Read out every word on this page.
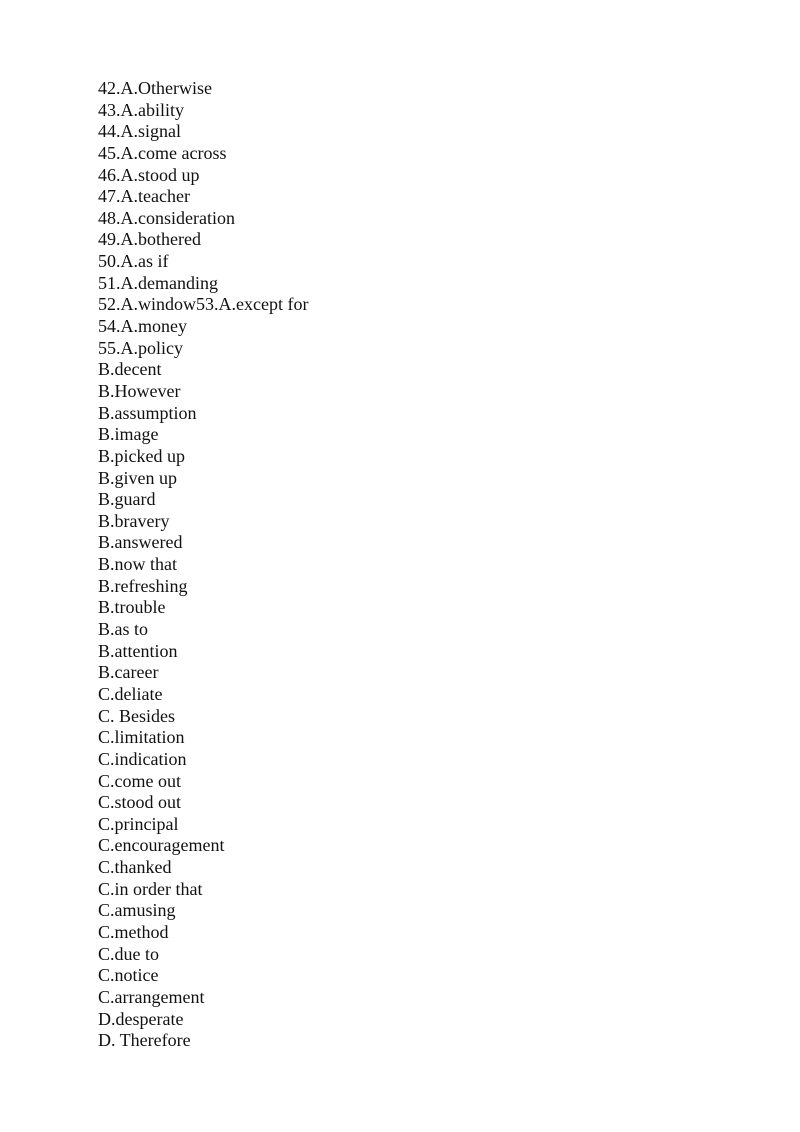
42.A.Otherwise
43.A.ability
44.A.signal
45.A.come across
46.A.stood up
47.A.teacher
48.A.consideration
49.A.bothered
50.A.as if
51.A.demanding
52.A.window53.A.except for
54.A.money
55.A.policy
B.decent
B.However
B.assumption
B.image
B.picked up
B.given up
B.guard
B.bravery
B.answered
B.now that
B.refreshing
B.trouble
B.as to
B.attention
B.career
C.deliate
C. Besides
C.limitation
C.indication
C.come out
C.stood out
C.principal
C.encouragement
C.thanked
C.in order that
C.amusing
C.method
C.due to
C.notice
C.arrangement
D.desperate
D. Therefore
